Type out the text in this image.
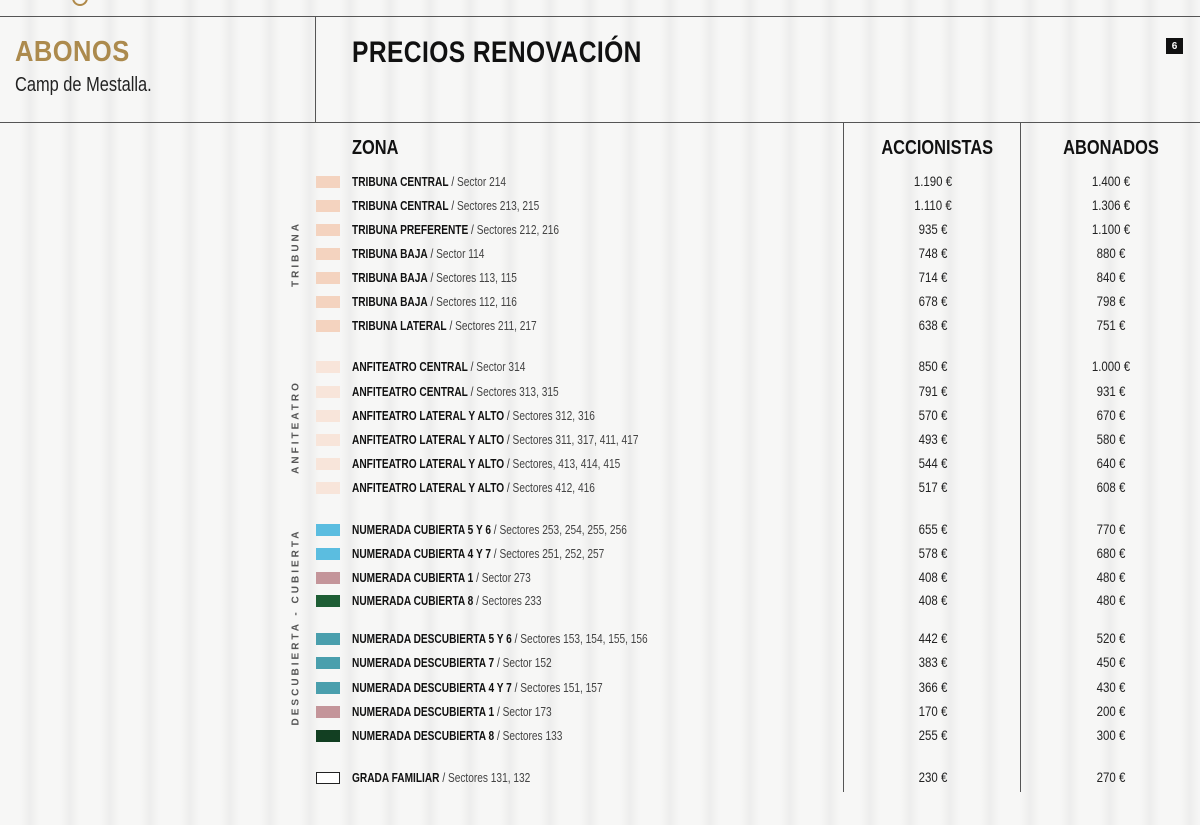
ABONOS
Camp de Mestalla.
PRECIOS RENOVACIÓN	6
ZONA	ACCIONISTAS	ABONADOS
TRIBUNA
ANFITEATRO
DESCUBIERTA - CUBIERTA
TRIBUNA CENTRAL / Sector 214	1.190 €	1.400 €
TRIBUNA CENTRAL / Sectores 213, 215	1.110 €	1.306 €
TRIBUNA PREFERENTE / Sectores 212, 216	935 €	1.100 €
TRIBUNA BAJA / Sector 114	748 €	880 €
TRIBUNA BAJA / Sectores 113, 115	714 €	840 €
TRIBUNA BAJA / Sectores 112, 116	678 €	798 €
TRIBUNA LATERAL / Sectores 211, 217	638 €	751 €
ANFITEATRO CENTRAL / Sector 314	850 €	1.000 €
ANFITEATRO CENTRAL / Sectores 313, 315	791 €	931 €
ANFITEATRO LATERAL Y ALTO / Sectores 312, 316	570 €	670 €
ANFITEATRO LATERAL Y ALTO / Sectores 311, 317, 411, 417	493 €	580 €
ANFITEATRO LATERAL Y ALTO / Sectores, 413, 414, 415	544 €	640 €
ANFITEATRO LATERAL Y ALTO / Sectores 412, 416	517 €	608 €
NUMERADA CUBIERTA 5 Y 6 / Sectores 253, 254, 255, 256	655 €	770 €
NUMERADA CUBIERTA 4 Y 7 / Sectores 251, 252, 257	578 €	680 €
NUMERADA CUBIERTA 1 / Sector 273	408 €	480 €
NUMERADA CUBIERTA 8 / Sectores 233	408 €	480 €
NUMERADA DESCUBIERTA 5 Y 6 / Sectores 153, 154, 155, 156	442 €	520 €
NUMERADA DESCUBIERTA 7 / Sector 152	383 €	450 €
NUMERADA DESCUBIERTA 4 Y 7 / Sectores 151, 157	366 €	430 €
NUMERADA DESCUBIERTA 1 / Sector 173	170 €	200 €
NUMERADA DESCUBIERTA 8 / Sectores 133	255 €	300 €
GRADA FAMILIAR / Sectores 131, 132	230 €	270 €
